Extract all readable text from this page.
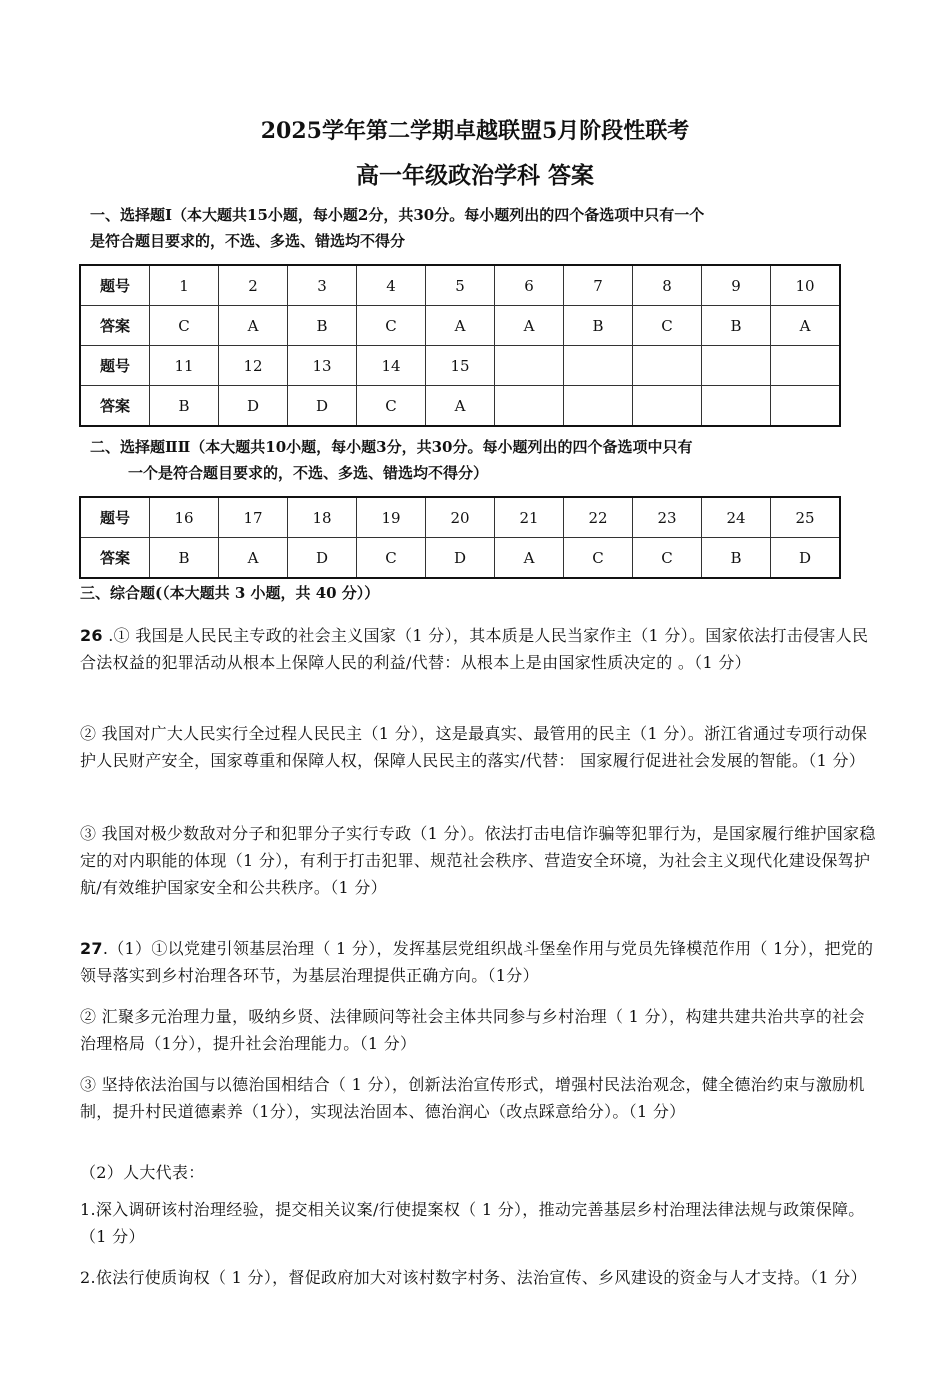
2025学年第二学期卓越联盟5月阶段性联考
高一年级政治学科 答案
一、选择题Ⅰ（本大题共15小题，每小题2分，共30分。每小题列出的四个备选项中只有一个
是符合题目要求的，不选、多选、错选均不得分
题号	1	2	3	4	5	6	7	8	9	10
答案	C	A	B	C	A	A	B	C	B	A
题号	11	12	13	14	15					
答案	B	D	D	C	A					
二、选择题ⅡⅡ（本大题共10小题，每小题3分，共30分。每小题列出的四个备选项中只有
一个是符合题目要求的，不选、多选、错选均不得分）
题号	16	17	18	19	20	21	22	23	24	25
答案	B	A	D	C	D	A	C	C	B	D
三、综合题(（本大题共 3 小题，共 40 分））
26 .① 我国是人民民主专政的社会主义国家（1 分），其本质是人民当家作主（1 分）。国家依法打击侵害人民合法权益的犯罪活动从根本上保障人民的利益/代替：从根本上是由国家性质决定的 。（1 分）
② 我国对广大人民实行全过程人民民主（1 分），这是最真实、最管用的民主（1 分）。浙江省通过专项行动保护人民财产安全，国家尊重和保障人权，保障人民民主的落实/代替： 国家履行促进社会发展的智能。（1 分）
③ 我国对极少数敌对分子和犯罪分子实行专政（1 分）。依法打击电信诈骗等犯罪行为，是国家履行维护国家稳定的对内职能的体现（1 分），有利于打击犯罪、规范社会秩序、营造安全环境，为社会主义现代化建设保驾护航/有效维护国家安全和公共秩序。（1 分）
27.（1）①以党建引领基层治理（ 1 分），发挥基层党组织战斗堡垒作用与党员先锋模范作用（ 1分），把党的领导落实到乡村治理各环节，为基层治理提供正确方向。（1分）
② 汇聚多元治理力量，吸纳乡贤、法律顾问等社会主体共同参与乡村治理（ 1 分），构建共建共治共享的社会治理格局（1分），提升社会治理能力。（1 分）
③ 坚持依法治国与以德治国相结合（ 1 分），创新法治宣传形式，增强村民法治观念，健全德治约束与激励机制，提升村民道德素养（1分），实现法治固本、德治润心（改点踩意给分）。（1 分）
（2）人大代表：
1.深入调研该村治理经验，提交相关议案/行使提案权（ 1 分），推动完善基层乡村治理法律法规与政策保障。（1 分）
2.依法行使质询权（ 1 分），督促政府加大对该村数字村务、法治宣传、乡风建设的资金与人才支持。（1 分）
